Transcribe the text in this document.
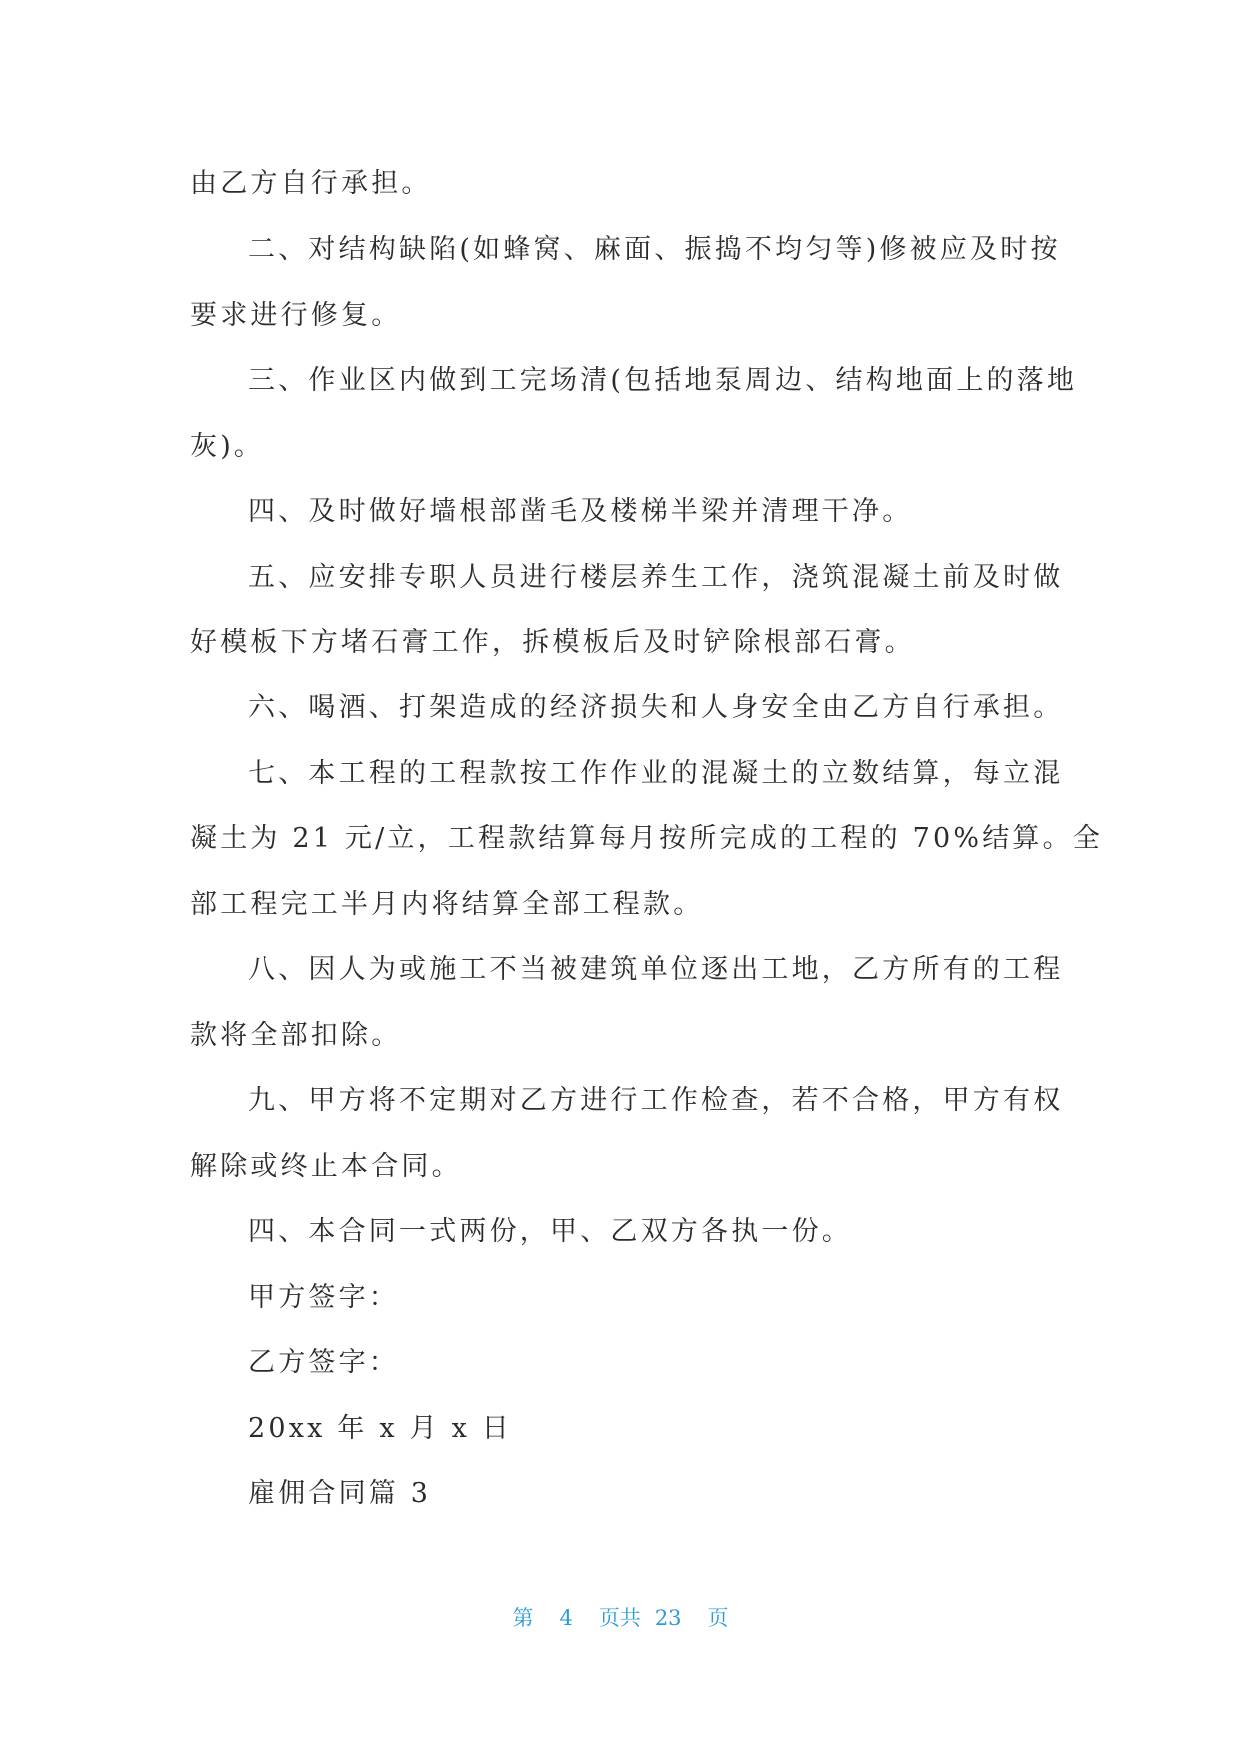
由乙方自行承担。
二、对结构缺陷(如蜂窝、麻面、振捣不均匀等)修被应及时按
要求进行修复。
三、作业区内做到工完场清(包括地泵周边、结构地面上的落地
灰)。
四、及时做好墙根部凿毛及楼梯半梁并清理干净。
五、应安排专职人员进行楼层养生工作，浇筑混凝土前及时做
好模板下方堵石膏工作，拆模板后及时铲除根部石膏。
六、喝酒、打架造成的经济损失和人身安全由乙方自行承担。
七、本工程的工程款按工作作业的混凝土的立数结算，每立混
凝土为 21 元/立，工程款结算每月按所完成的工程的 70%结算。全
部工程完工半月内将结算全部工程款。
八、因人为或施工不当被建筑单位逐出工地，乙方所有的工程
款将全部扣除。
九、甲方将不定期对乙方进行工作检查，若不合格，甲方有权
解除或终止本合同。
四、本合同一式两份，甲、乙双方各执一份。
甲方签字：
乙方签字：
20xx 年 x 月 x 日
雇佣合同篇 3
第 4 页共 23 页
